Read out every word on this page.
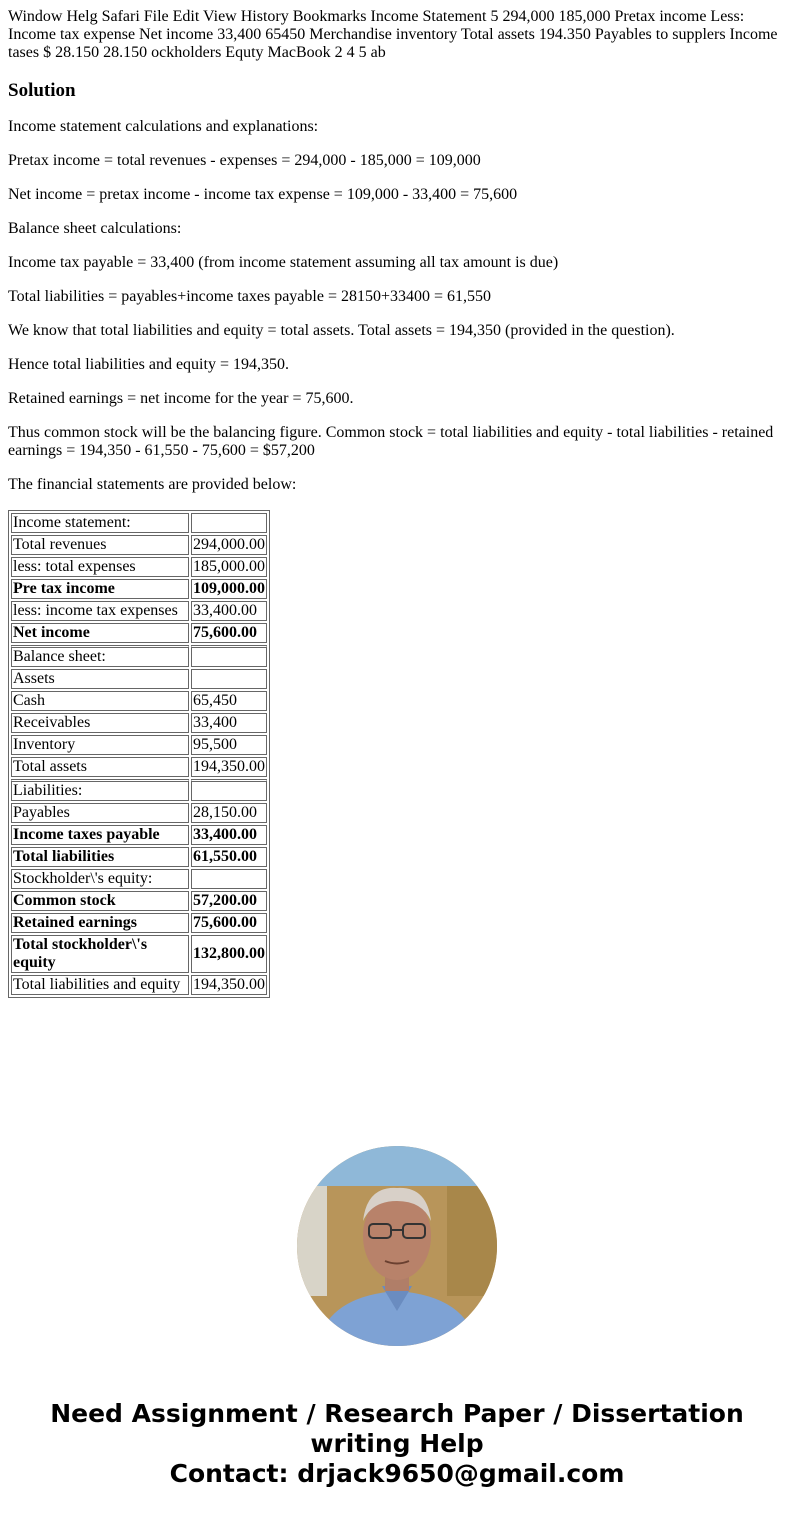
Window Helg Safari File Edit View History Bookmarks Income Statement 5 294,000 185,000 Pretax income Less: Income tax expense Net income 33,400 65450 Merchandise inventory Total assets 194.350 Payables to supplers Income tases $ 28.150 28.150 ockholders Equty MacBook 2 4 5 ab

Solution

Income statement calculations and explanations:

Pretax income = total revenues - expenses = 294,000 - 185,000 = 109,000

Net income = pretax income - income tax expense = 109,000 - 33,400 = 75,600

Balance sheet calculations:

Income tax payable = 33,400 (from income statement assuming all tax amount is due)

Total liabilities = payables+income taxes payable = 28150+33400 = 61,550

We know that total liabilities and equity = total assets. Total assets = 194,350 (provided in the question).

Hence total liabilities and equity = 194,350.

Retained earnings = net income for the year = 75,600.

Thus common stock will be the balancing figure. Common stock = total liabilities and equity - total liabilities - retained earnings = 194,350 - 61,550 - 75,600 = $57,200

The financial statements are provided below:

Income statement:	
Total revenues	294,000.00
less: total expenses	185,000.00
Pre tax income	109,000.00
less: income tax expenses	33,400.00
Net income	75,600.00
Balance sheet:	
Assets	
Cash	65,450
Receivables	33,400
Inventory	95,500
Total assets	194,350.00
Liabilities:	
Payables	28,150.00
Income taxes payable	33,400.00
Total liabilities	61,550.00
Stockholder\'s equity:	
Common stock	57,200.00
Retained earnings	75,600.00
Total stockholder\'s equity	132,800.00
Total liabilities and equity	194,350.00
Need Assignment / Research Paper / Dissertation writing Help
Contact: drjack9650@gmail.com
